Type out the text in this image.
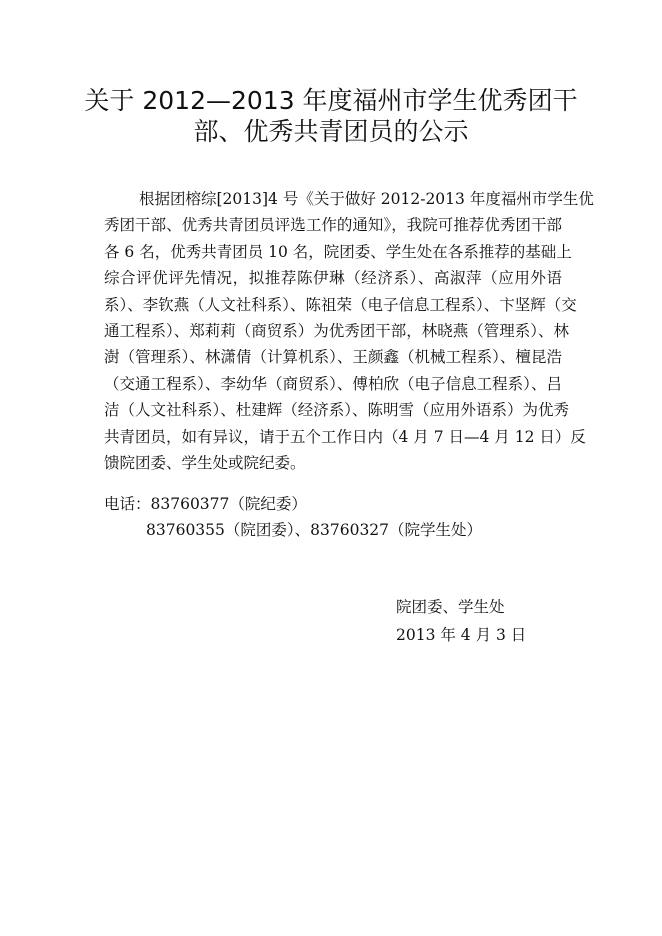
关于 2012—2013 年度福州市学生优秀团干
部、优秀共青团员的公示
根据团榕综[2013]4 号《关于做好 2012-2013 年度福州市学生优
秀团干部、优秀共青团员评选工作的通知》，我院可推荐优秀团干部
各 6 名，优秀共青团员 10 名，院团委、学生处在各系推荐的基础上
综合评优评先情况，拟推荐陈伊琳（经济系）、高淑萍（应用外语
系）、李钦燕（人文社科系）、陈祖荣（电子信息工程系）、卞坚辉（交
通工程系）、郑莉莉（商贸系）为优秀团干部，林晓燕（管理系）、林
澍（管理系）、林潇倩（计算机系）、王颜鑫（机械工程系）、檀昆浩
（交通工程系）、李幼华（商贸系）、傅柏欣（电子信息工程系）、吕
洁（人文社科系）、杜建辉（经济系）、陈明雪（应用外语系）为优秀
共青团员，如有异议，请于五个工作日内（4 月 7 日—4 月 12 日）反
馈院团委、学生处或院纪委。
电话：83760377（院纪委）
83760355（院团委）、83760327（院学生处）
院团委、学生处
2013 年 4 月 3 日
